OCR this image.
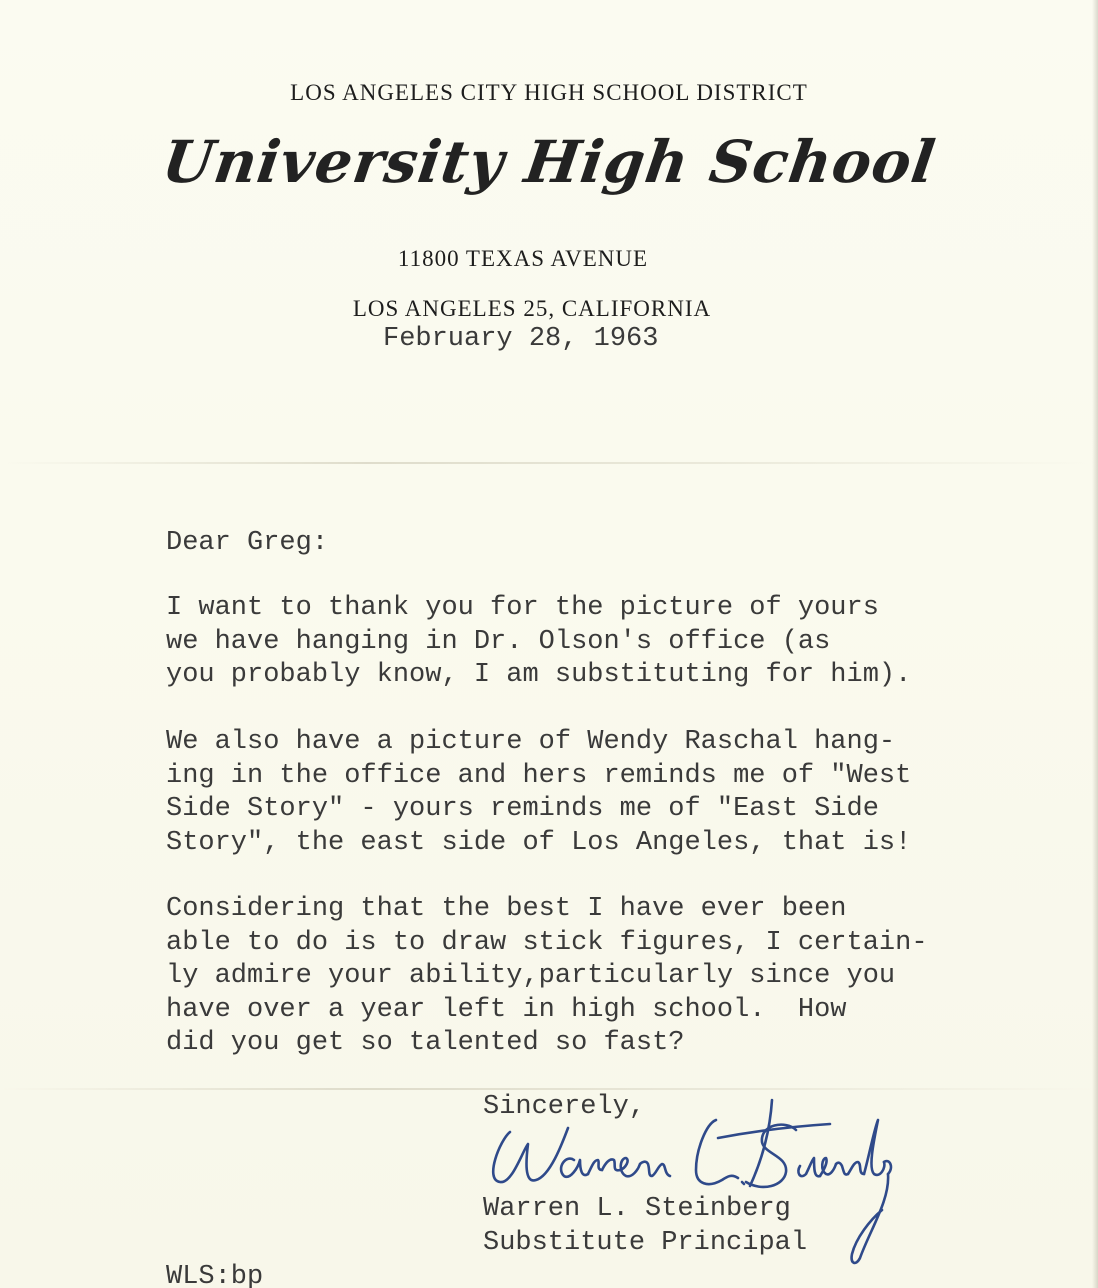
LOS ANGELES CITY HIGH SCHOOL DISTRICT
University High School
11800 TEXAS AVENUE
LOS ANGELES 25, CALIFORNIA
February 28, 1963
Dear Greg:

I want to thank you for the picture of yours
we have hanging in Dr. Olson's office (as
you probably know, I am substituting for him).

We also have a picture of Wendy Raschal hang-
ing in the office and hers reminds me of "West
Side Story" - yours reminds me of "East Side
Story", the east side of Los Angeles, that is!

Considering that the best I have ever been
able to do is to draw stick figures, I certain-
ly admire your ability,particularly since you
have over a year left in high school.  How
did you get so talented so fast?

Sincerely,
Warren L. Steinberg
Substitute Principal
WLS:bp
